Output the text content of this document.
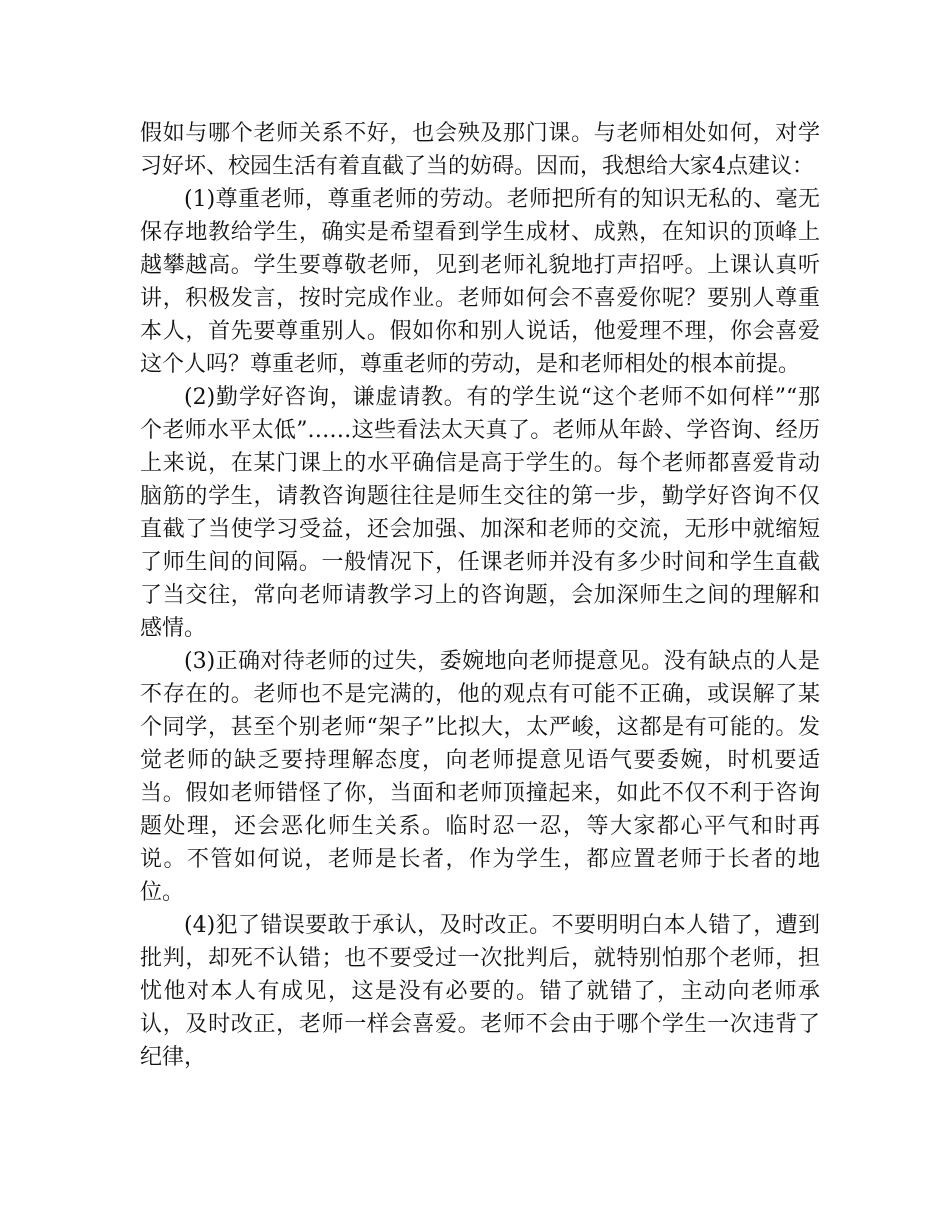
假如与哪个老师关系不好，也会殃及那门课。与老师相处如何，对学习好坏、校园生活有着直截了当的妨碍。因而，我想给大家4点建议：

(1)尊重老师，尊重老师的劳动。老师把所有的知识无私的、毫无保存地教给学生，确实是希望看到学生成材、成熟，在知识的顶峰上越攀越高。学生要尊敬老师，见到老师礼貌地打声招呼。上课认真听讲，积极发言，按时完成作业。老师如何会不喜爱你呢？要别人尊重本人，首先要尊重别人。假如你和别人说话，他爱理不理，你会喜爱这个人吗？尊重老师，尊重老师的劳动，是和老师相处的根本前提。

(2)勤学好咨询，谦虚请教。有的学生说“这个老师不如何样”“那个老师水平太低”……这些看法太天真了。老师从年龄、学咨询、经历上来说，在某门课上的水平确信是高于学生的。每个老师都喜爱肯动脑筋的学生，请教咨询题往往是师生交往的第一步，勤学好咨询不仅直截了当使学习受益，还会加强、加深和老师的交流，无形中就缩短了师生间的间隔。一般情况下，任课老师并没有多少时间和学生直截了当交往，常向老师请教学习上的咨询题，会加深师生之间的理解和感情。

(3)正确对待老师的过失，委婉地向老师提意见。没有缺点的人是不存在的。老师也不是完满的，他的观点有可能不正确，或误解了某个同学，甚至个别老师“架子”比拟大，太严峻，这都是有可能的。发觉老师的缺乏要持理解态度，向老师提意见语气要委婉，时机要适当。假如老师错怪了你，当面和老师顶撞起来，如此不仅不利于咨询题处理，还会恶化师生关系。临时忍一忍，等大家都心平气和时再说。不管如何说，老师是长者，作为学生，都应置老师于长者的地位。

(4)犯了错误要敢于承认，及时改正。不要明明白本人错了，遭到批判，却死不认错；也不要受过一次批判后，就特别怕那个老师，担忧他对本人有成见，这是没有必要的。错了就错了，主动向老师承认，及时改正，老师一样会喜爱。老师不会由于哪个学生一次违背了纪律，
